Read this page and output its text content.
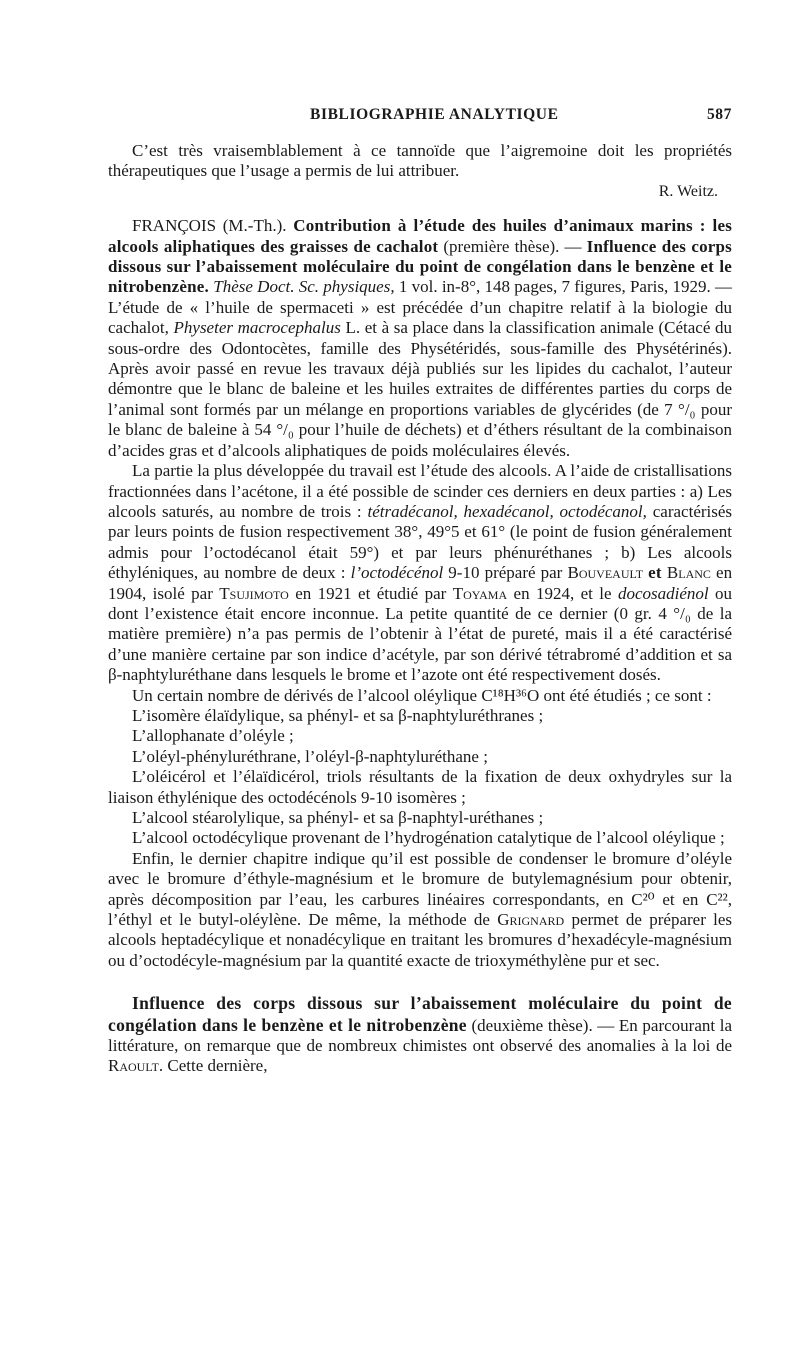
BIBLIOGRAPHIE ANALYTIQUE	587

C’est très vraisemblablement à ce tannoïde que l’aigremoine doit les propriétés thérapeutiques que l’usage a permis de lui attribuer.

R. Weitz.

FRANÇOIS (M.-Th.). Contribution à l’étude des huiles d’animaux marins : les alcools aliphatiques des graisses de cachalot (première thèse). — Influence des corps dissous sur l’abaissement moléculaire du point de congélation dans le benzène et le nitrobenzène. Thèse Doct. Sc. physiques, 1 vol. in-8°, 148 pages, 7 figures, Paris, 1929. — L’étude de « l’huile de spermaceti » est précédée d’un chapitre relatif à la biologie du cachalot, Physeter macrocephalus L. et à sa place dans la classification animale (Cétacé du sous-ordre des Odontocètes, famille des Physétéridés, sous-famille des Physétérinés). Après avoir passé en revue les travaux déjà publiés sur les lipides du cachalot, l’auteur démontre que le blanc de baleine et les huiles extraites de différentes parties du corps de l’animal sont formés par un mélange en proportions variables de glycérides (de 7 °/₀ pour le blanc de baleine à 54 °/₀ pour l’huile de déchets) et d’éthers résultant de la combinaison d’acides gras et d’alcools aliphatiques de poids moléculaires élevés.

La partie la plus développée du travail est l’étude des alcools. A l’aide de cristallisations fractionnées dans l’acétone, il a été possible de scinder ces derniers en deux parties : a) Les alcools saturés, au nombre de trois : tétradécanol, hexadécanol, octodécanol, caractérisés par leurs points de fusion respectivement 38°, 49°5 et 61° (le point de fusion généralement admis pour l’octodécanol était 59°) et par leurs phénuréthanes ; b) Les alcools éthyléniques, au nombre de deux : l’octodécénol 9-10 préparé par Bouveault et Blanc en 1904, isolé par Tsujimoto en 1921 et étudié par Toyama en 1924, et le docosadiénol ou dont l’existence était encore inconnue. La petite quantité de ce dernier (0 gr. 4 °/₀ de la matière première) n’a pas permis de l’obtenir à l’état de pureté, mais il a été caractérisé d’une manière certaine par son indice d’acétyle, par son dérivé tétrabromé d’addition et sa β-naphtyluréthane dans lesquels le brome et l’azote ont été respectivement dosés.

Un certain nombre de dérivés de l’alcool oléylique C¹⁸H³⁶O ont été étudiés ; ce sont :

L’isomère élaïdylique, sa phényl- et sa β-naphtyluréthranes ;

L’allophanate d’oléyle ;

L’oléyl-phényluréthrane, l’oléyl-β-naphtyluréthane ;

L’oléicérol et l’élaïdicérol, triols résultants de la fixation de deux oxhydryles sur la liaison éthylénique des octodécénols 9-10 isomères ;

L’alcool stéarolylique, sa phényl- et sa β-naphtyl-uréthanes ;

L’alcool octodécylique provenant de l’hydrogénation catalytique de l’alcool oléylique ;

Enfin, le dernier chapitre indique qu’il est possible de condenser le bromure d’oléyle avec le bromure d’éthyle-magnésium et le bromure de butylemagnésium pour obtenir, après décomposition par l’eau, les carbures linéaires correspondants, en C²⁰ et en C²², l’éthyl et le butyl-oléylène. De même, la méthode de Grignard permet de préparer les alcools heptadécylique et nonadécylique en traitant les bromures d’hexadécyle-magnésium ou d’octodécyle-magnésium par la quantité exacte de trioxyméthylène pur et sec.

Influence des corps dissous sur l’abaissement moléculaire du point de congélation dans le benzène et le nitrobenzène (deuxième thèse). — En parcourant la littérature, on remarque que de nombreux chimistes ont observé des anomalies à la loi de Raoult. Cette dernière,
